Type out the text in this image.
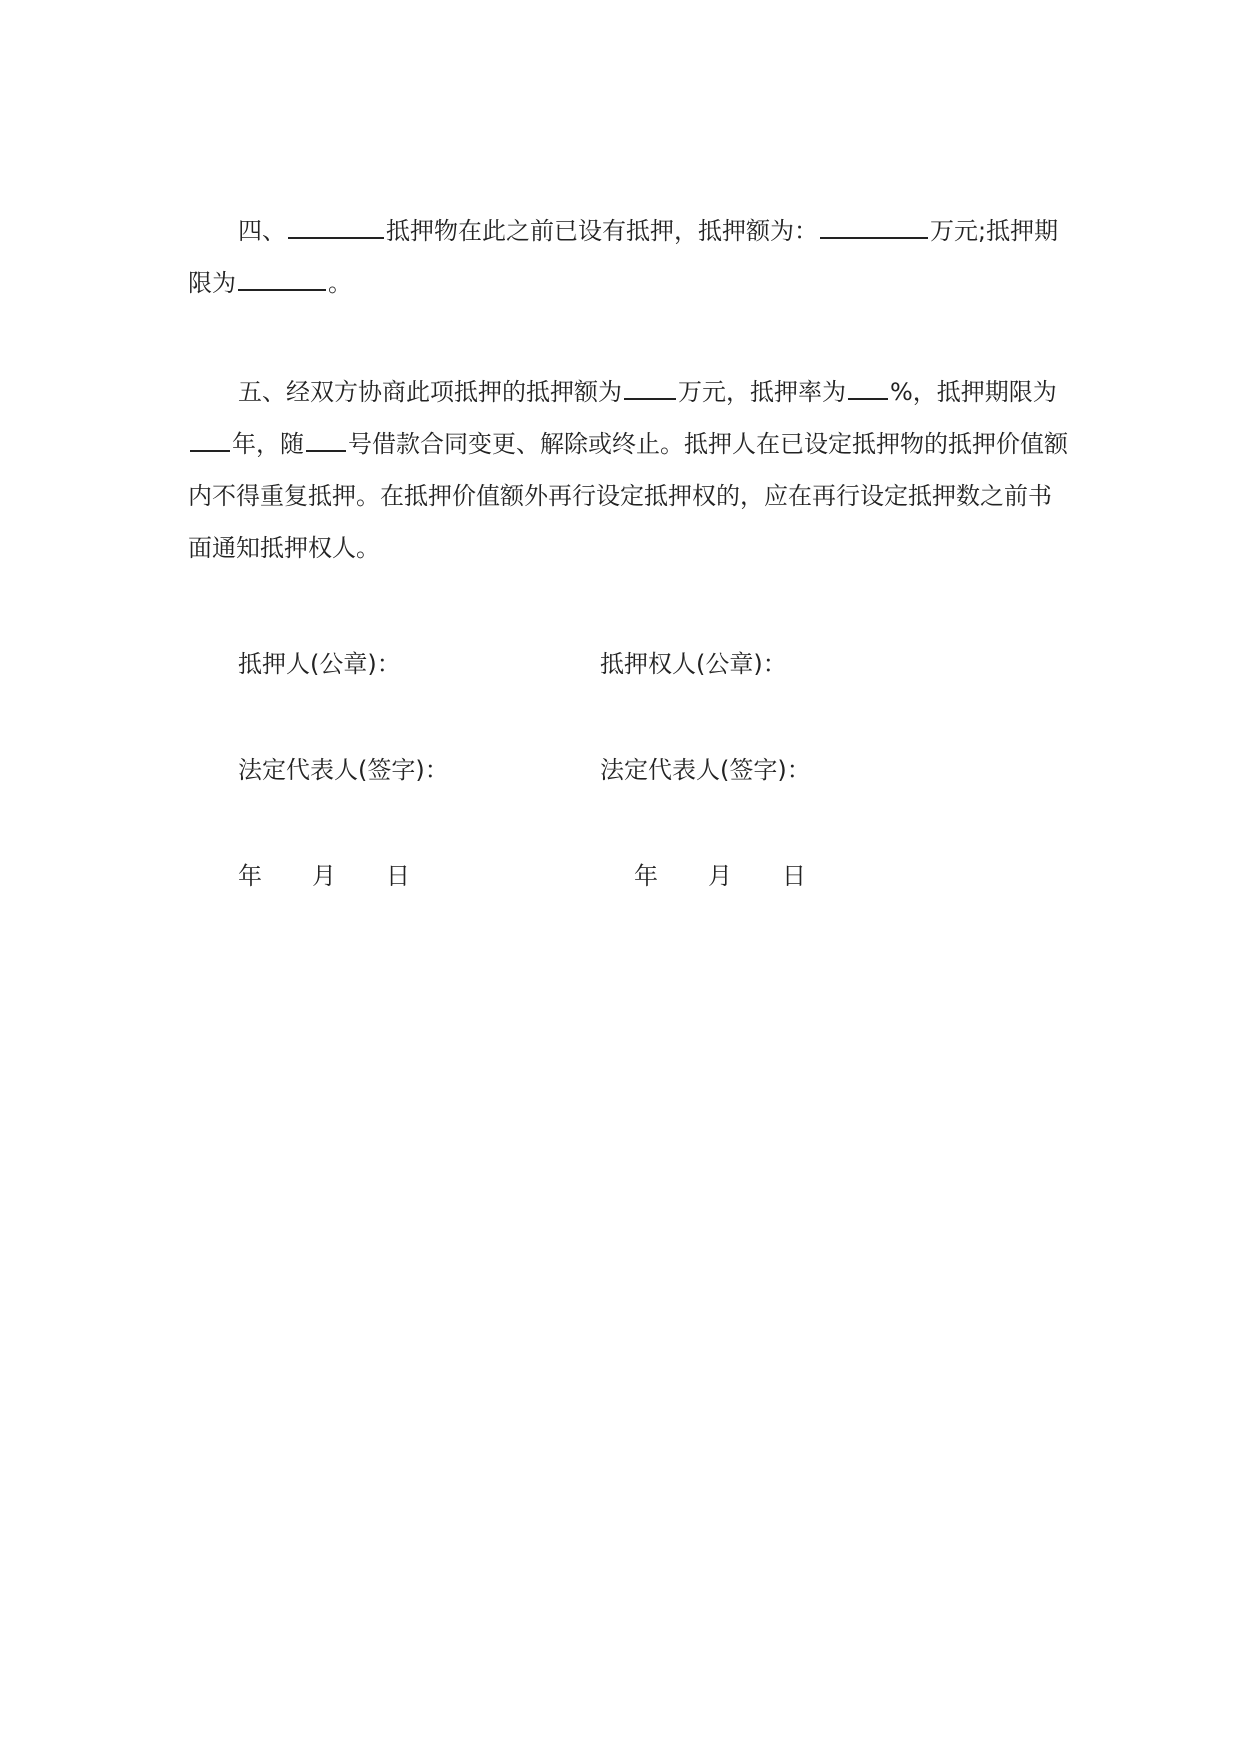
四、	抵押物在此之前已设有抵押，抵押额为：	万元;抵押期限为	。

五、经双方协商此项抵押的抵押额为 万元，抵押率为 %，抵押期限为年，随 号借款合同变更、解除或终止。抵押人在已设定抵押物的抵押价值额内不得重复抵押。在抵押价值额外再行设定抵押权的，应在再行设定抵押数之前书面通知抵押权人。

抵押人(公章)：	抵押权人(公章)：
法定代表人(签字)：	法定代表人(签字)：
年 月 日	年 月 日
